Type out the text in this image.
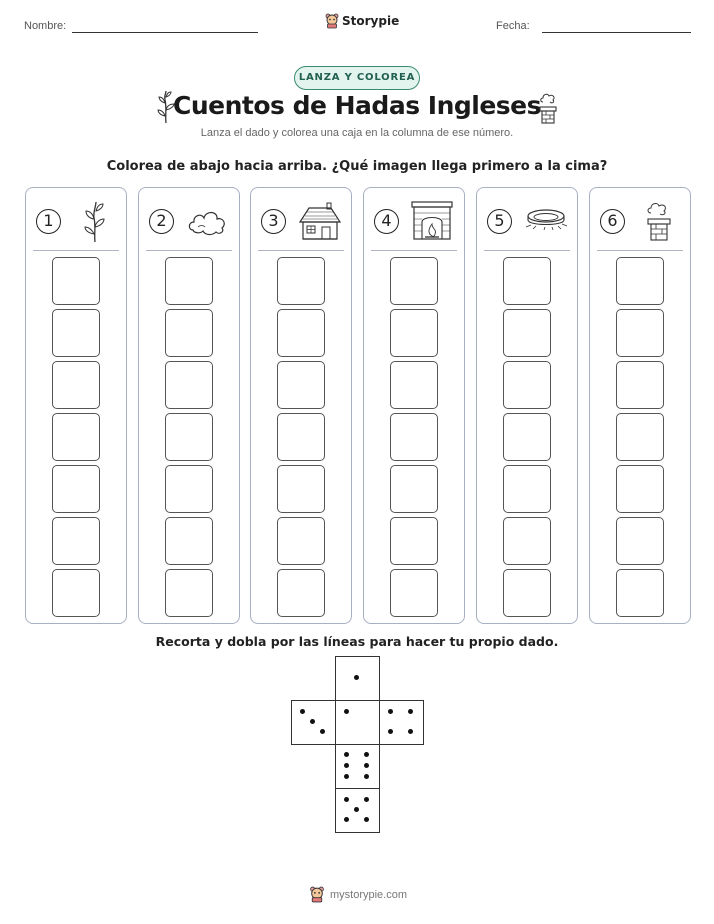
Nombre:	Storypie	Fecha:
LANZA Y COLOREA
Cuentos de Hadas Ingleses
Lanza el dado y colorea una caja en la columna de ese número.
Colorea de abajo hacia arriba. ¿Qué imagen llega primero a la cima?
1	2	3	4	5	6
Recorta y dobla por las líneas para hacer tu propio dado.
mystorypie.com
